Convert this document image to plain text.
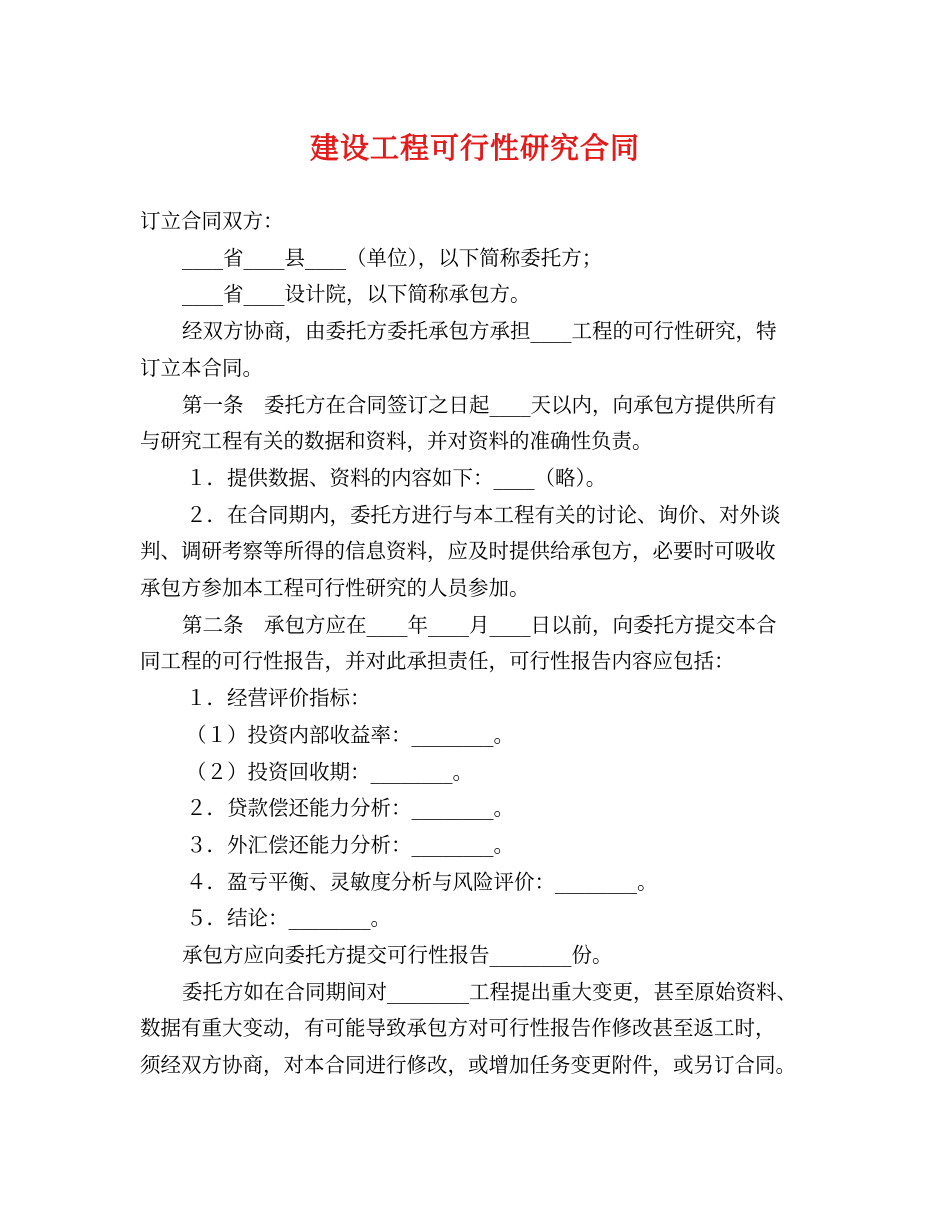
建设工程可行性研究合同

订立合同双方：

____省____县____（单位），以下简称委托方；

____省____设计院，以下简称承包方。

经双方协商，由委托方委托承包方承担____工程的可行性研究，特

订立本合同。

第一条　委托方在合同签订之日起____天以内，向承包方提供所有

与研究工程有关的数据和资料，并对资料的准确性负责。

１．提供数据、资料的内容如下：____（略）。

２．在合同期内，委托方进行与本工程有关的讨论、询价、对外谈

判、调研考察等所得的信息资料，应及时提供给承包方，必要时可吸收

承包方参加本工程可行性研究的人员参加。

第二条　承包方应在____年____月____日以前，向委托方提交本合

同工程的可行性报告，并对此承担责任，可行性报告内容应包括：

１．经营评价指标：

（１）投资内部收益率：________。

（２）投资回收期：________。

２．贷款偿还能力分析：________。

３．外汇偿还能力分析：________。

４．盈亏平衡、灵敏度分析与风险评价：________。

５．结论：________。

承包方应向委托方提交可行性报告________份。

委托方如在合同期间对________工程提出重大变更，甚至原始资料、

数据有重大变动，有可能导致承包方对可行性报告作修改甚至返工时，

须经双方协商，对本合同进行修改，或增加任务变更附件，或另订合同。
